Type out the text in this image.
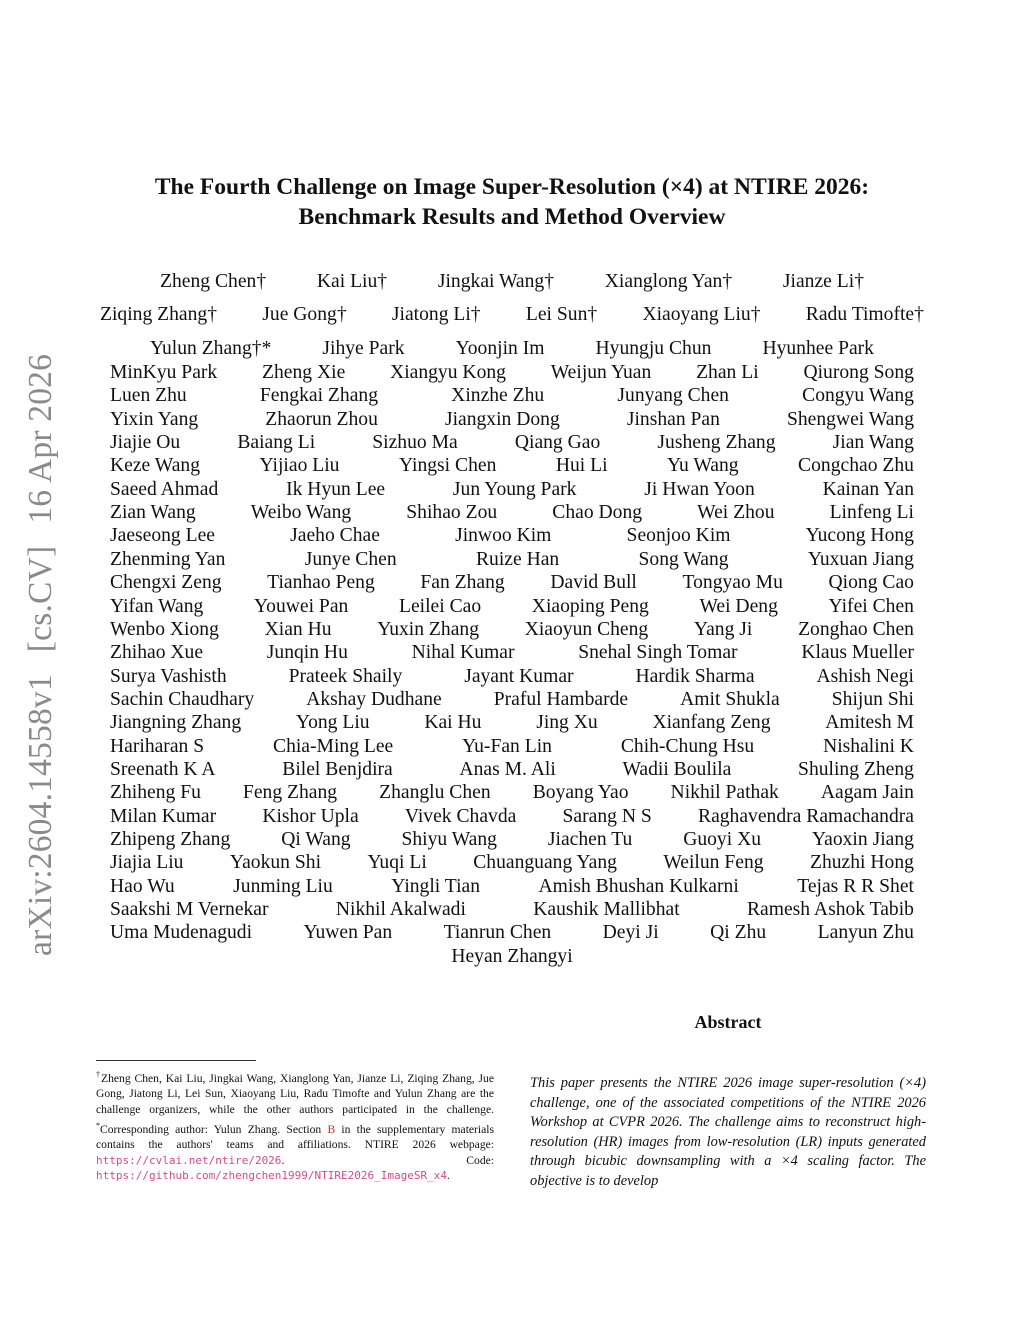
arXiv:2604.14558v1[cs.CV]16 Apr 2026
The Fourth Challenge on Image Super-Resolution (×4) at NTIRE 2026:
Benchmark Results and Method Overview
Zheng Chen†	Kai Liu†	Jingkai Wang†	Xianglong Yan†	Jianze Li†
Ziqing Zhang† Jue Gong† Jiatong Li† Lei Sun† Xiaoyang Liu† Radu Timofte†
Yulun Zhang†*	Jihye Park	Yoonjin Im	Hyungju Chun	Hyunhee Park
MinKyu Park Zheng Xie Xiangyu Kong Weijun Yuan Zhan Li Qiurong Song
Luen Zhu	Fengkai Zhang	Xinzhe Zhu	Junyang Chen	Congyu Wang
Yixin Yang	Zhaorun Zhou	Jiangxin Dong	Jinshan Pan	Shengwei Wang
Jiajie Ou	Baiang Li	Sizhuo Ma	Qiang Gao	Jusheng Zhang	Jian Wang
Keze Wang	Yijiao Liu	Yingsi Chen	Hui Li	Yu Wang	Congchao Zhu
Saeed Ahmad	Ik Hyun Lee	Jun Young Park	Ji Hwan Yoon	Kainan Yan
Zian Wang	Weibo Wang	Shihao Zou	Chao Dong	Wei Zhou	Linfeng Li
Jaeseong Lee	Jaeho Chae	Jinwoo Kim	Seonjoo Kim	Yucong Hong
Zhenming Yan	Junye Chen	Ruize Han	Song Wang	Yuxuan Jiang
Chengxi Zeng Tianhao Peng Fan Zhang David Bull Tongyao Mu Qiong Cao
Yifan Wang	Youwei Pan	Leilei Cao	Xiaoping Peng	Wei Deng	Yifei Chen
Wenbo Xiong Xian Hu Yuxin Zhang Xiaoyun Cheng Yang Ji Zonghao Chen
Zhihao Xue	Junqin Hu	Nihal Kumar	Snehal Singh Tomar	Klaus Mueller
Surya Vashisth	Prateek Shaily	Jayant Kumar	Hardik Sharma	Ashish Negi
Sachin Chaudhary	Akshay Dudhane	Praful Hambarde	Amit Shukla	Shijun Shi
Jiangning Zhang	Yong Liu	Kai Hu	Jing Xu	Xianfang Zeng	Amitesh M
Hariharan S	Chia-Ming Lee	Yu-Fan Lin	Chih-Chung Hsu	Nishalini K
Sreenath K A	Bilel Benjdira	Anas M. Ali	Wadii Boulila	Shuling Zheng
Zhiheng Fu Feng Zhang Zhanglu Chen Boyang Yao Nikhil Pathak Aagam Jain
Milan Kumar Kishor Upla Vivek Chavda Sarang N S Raghavendra Ramachandra
Zhipeng Zhang	Qi Wang	Shiyu Wang	Jiachen Tu	Guoyi Xu	Yaoxin Jiang
Jiajia Liu Yaokun Shi Yuqi Li Chuanguang Yang Weilun Feng Zhuzhi Hong
Hao Wu	Junming Liu	Yingli Tian	Amish Bhushan Kulkarni	Tejas R R Shet
Saakshi M Vernekar	Nikhil Akalwadi	Kaushik Mallibhat	Ramesh Ashok Tabib
Uma Mudenagudi	Yuwen Pan	Tianrun Chen	Deyi Ji	Qi Zhu	Lanyun Zhu
Heyan Zhangyi
Abstract

This paper presents the NTIRE 2026 image super-resolution (×4) challenge, one of the associated competitions of the NTIRE 2026 Workshop at CVPR 2026. The challenge aims to reconstruct high-resolution (HR) images from low-resolution (LR) inputs generated through bicubic downsampling with a ×4 scaling factor. The objective is to develop

†Zheng Chen, Kai Liu, Jingkai Wang, Xianglong Yan, Jianze Li, Ziqing Zhang, Jue Gong, Jiatong Li, Lei Sun, Xiaoyang Liu, Radu Timofte and Yulun Zhang are the challenge organizers, while the other authors participated in the challenge. *Corresponding author: Yulun Zhang. Section B in the supplementary materials contains the authors' teams and affiliations. NTIRE 2026 webpage: https://cvlai.net/ntire/2026. Code: https://github.com/zhengchen1999/NTIRE2026_ImageSR_x4.
